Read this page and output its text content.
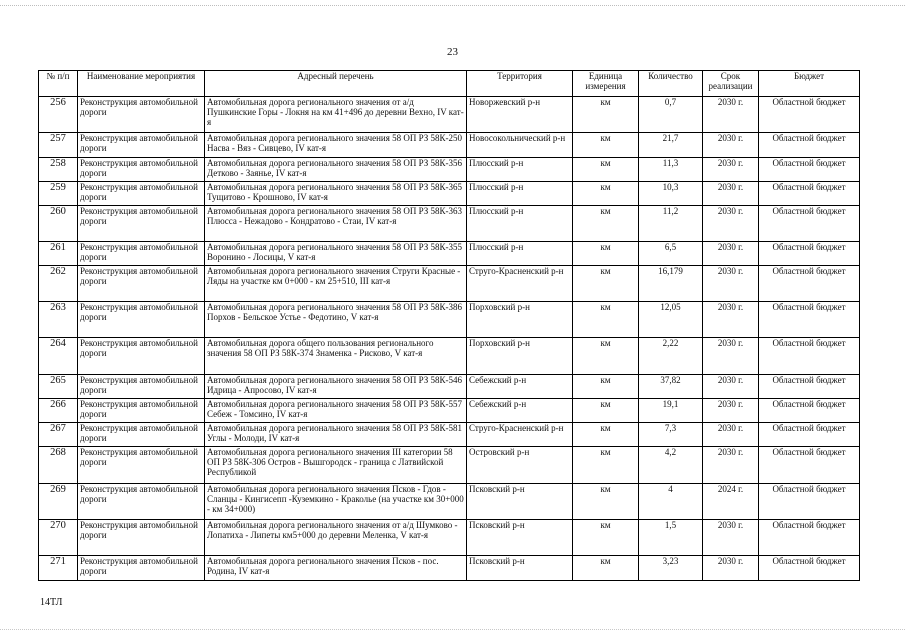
23
№ п/п	Наименование мероприятия	Адресный перечень	Территория	Единица измерения	Количество	Срок реализации	Бюджет
256	Реконструкция автомобильной дороги	Автомобильная дорога регионального значения от а/д Пушкинские Горы - Локня на км 41+496 до деревни Вехно, IV кат-я	Новоржевский р-н	км	0,7	2030 г.	Областной бюджет
257	Реконструкция автомобильной дороги	Автомобильная дорога регионального значения 58 ОП РЗ 58К-250 Насва - Вяз - Сивцево, IV кат-я	Новосокольнический р-н	км	21,7	2030 г.	Областной бюджет
258	Реконструкция автомобильной дороги	Автомобильная дорога регионального значения 58 ОП РЗ 58К-356 Детково - Заянье, IV кат-я	Плюсский р-н	км	11,3	2030 г.	Областной бюджет
259	Реконструкция автомобильной дороги	Автомобильная дорога регионального значения 58 ОП РЗ 58К-365 Тущитово - Крошново, IV кат-я	Плюсский р-н	км	10,3	2030 г.	Областной бюджет
260	Реконструкция автомобильной дороги	Автомобильная дорога регионального значения 58 ОП РЗ 58К-363 Плюсса - Нежадово - Кондратово - Стаи, IV кат-я	Плюсский р-н	км	11,2	2030 г.	Областной бюджет
261	Реконструкция автомобильной дороги	Автомобильная дорога регионального значения 58 ОП РЗ 58К-355 Воронино - Лосицы, V кат-я	Плюсский р-н	км	6,5	2030 г.	Областной бюджет
262	Реконструкция автомобильной дороги	Автомобильная дорога регионального значения Струги Красные - Ляды на участке км 0+000 - км 25+510, III кат-я	Струго-Красненский р-н	км	16,179	2030 г.	Областной бюджет
263	Реконструкция автомобильной дороги	Автомобильная дорога регионального значения 58 ОП РЗ 58К-386 Порхов - Бельское Устье - Федотино, V кат-я	Порховский р-н	км	12,05	2030 г.	Областной бюджет
264	Реконструкция автомобильной дороги	Автомобильная дорога общего пользования регионального значения 58 ОП РЗ 58К-374 Знаменка - Рисково, V кат-я	Порховский р-н	км	2,22	2030 г.	Областной бюджет
265	Реконструкция автомобильной дороги	Автомобильная дорога регионального значения 58 ОП РЗ 58К-546 Идрица - Апросово, IV кат-я	Себежский р-н	км	37,82	2030 г.	Областной бюджет
266	Реконструкция автомобильной дороги	Автомобильная дорога регионального значения 58 ОП РЗ 58К-557 Себеж - Томсино, IV кат-я	Себежский р-н	км	19,1	2030 г.	Областной бюджет
267	Реконструкция автомобильной дороги	Автомобильная дорога регионального значения 58 ОП РЗ 58К-581 Углы - Молоди, IV кат-я	Струго-Красненский р-н	км	7,3	2030 г.	Областной бюджет
268	Реконструкция автомобильной дороги	Автомобильная дорога регионального значения III категории 58 ОП РЗ 58К-306 Остров - Вышгородск - граница с Латвийской Республикой	Островский р-н	км	4,2	2030 г.	Областной бюджет
269	Реконструкция автомобильной дороги	Автомобильная дорога регионального значения Псков - Гдов - Сланцы - Кингисепп -Куземкино - Краколье (на участке км 30+000 - км 34+000)	Псковский р-н	км	4	2024 г.	Областной бюджет
270	Реконструкция автомобильной дороги	Автомобильная дорога регионального значения от а/д Шумково - Лопатиха - Липеты км5+000 до деревни Меленка, V кат-я	Псковский р-н	км	1,5	2030 г.	Областной бюджет
271	Реконструкция автомобильной дороги	Автомобильная дорога регионального значения Псков - пос. Родина, IV кат-я	Псковский р-н	км	3,23	2030 г.	Областной бюджет
14ТЛ
